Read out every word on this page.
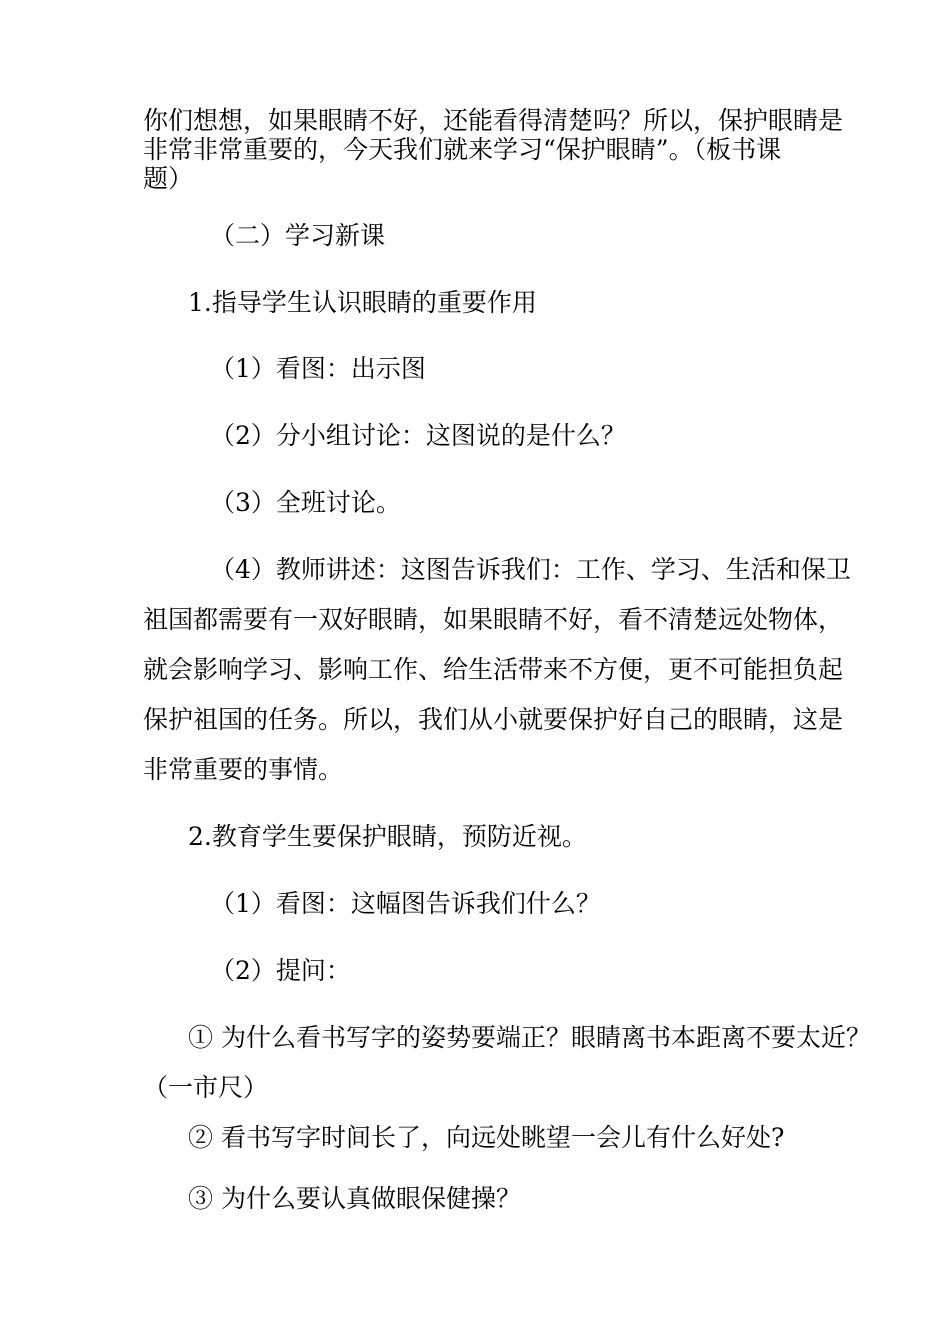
你们想想，如果眼睛不好，还能看得清楚吗？所以，保护眼睛是
非常非常重要的，今天我们就来学习“保护眼睛”。（板书课
题）
（二）学习新课
1.指导学生认识眼睛的重要作用
（1）看图：出示图
（2）分小组讨论：这图说的是什么？
（3）全班讨论。
（4）教师讲述：这图告诉我们：工作、学习、生活和保卫
祖国都需要有一双好眼睛，如果眼睛不好，看不清楚远处物体，
就会影响学习、影响工作、给生活带来不方便，更不可能担负起
保护祖国的任务。所以，我们从小就要保护好自己的眼睛，这是
非常重要的事情。
2.教育学生要保护眼睛，预防近视。
（1）看图：这幅图告诉我们什么？
（2）提问：
① 为什么看书写字的姿势要端正？眼睛离书本距离不要太近？
（一市尺）
② 看书写字时间长了，向远处眺望一会儿有什么好处?
③ 为什么要认真做眼保健操？
